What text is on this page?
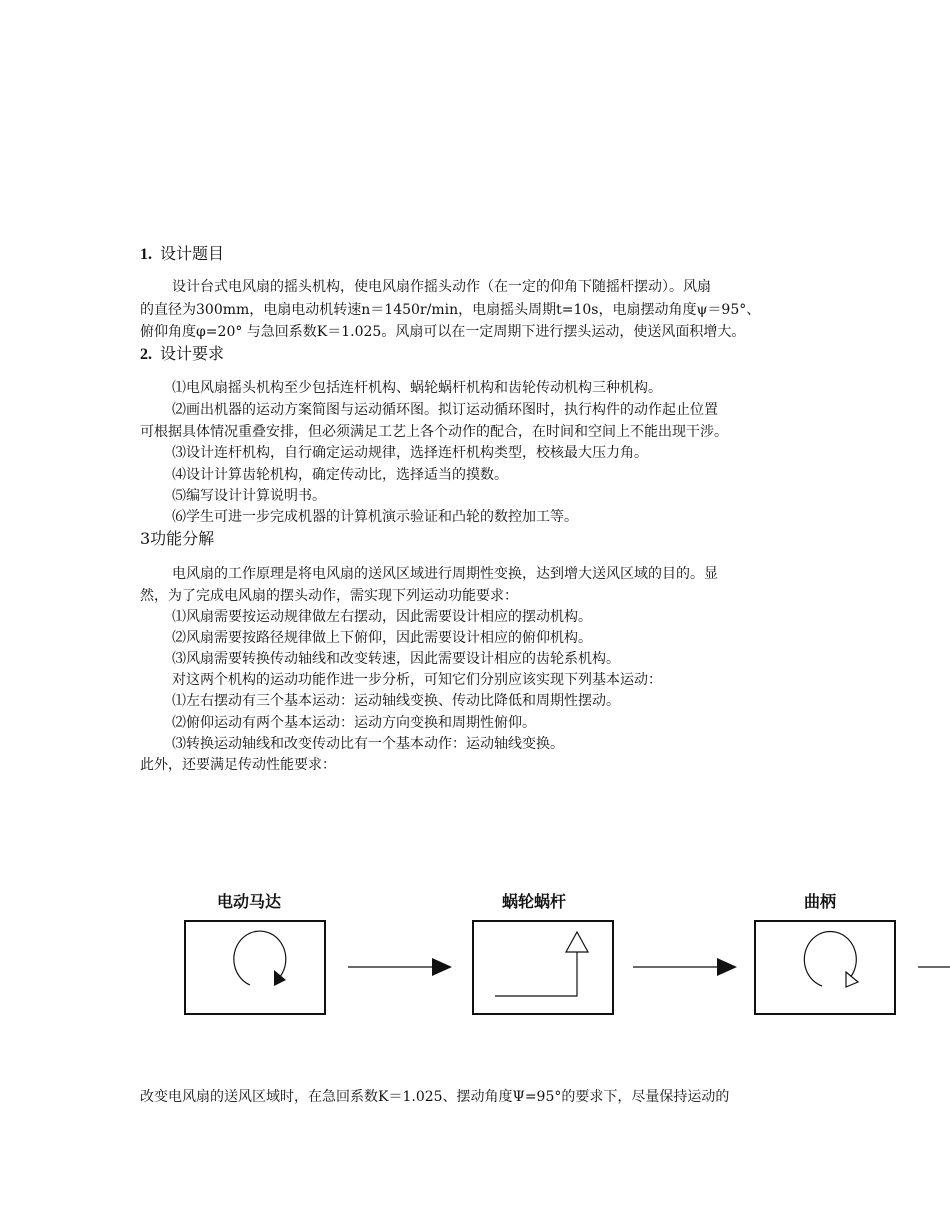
1. 设计题目
设计台式电风扇的摇头机构，使电风扇作摇头动作（在一定的仰角下随摇杆摆动）。风扇
的直径为300mm，电扇电动机转速n＝1450r/min，电扇摇头周期t=10s，电扇摆动角度ψ＝95°、
俯仰角度φ=20° 与急回系数K＝1.025。风扇可以在一定周期下进行摆头运动，使送风面积增大。
2. 设计要求
⑴电风扇摇头机构至少包括连杆机构、蜗轮蜗杆机构和齿轮传动机构三种机构。
⑵画出机器的运动方案简图与运动循环图。拟订运动循环图时，执行构件的动作起止位置
可根据具体情况重叠安排，但必须满足工艺上各个动作的配合，在时间和空间上不能出现干涉。
⑶设计连杆机构，自行确定运动规律，选择连杆机构类型，校核最大压力角。
⑷设计计算齿轮机构，确定传动比，选择适当的摸数。
⑸编写设计计算说明书。
⑹学生可进一步完成机器的计算机演示验证和凸轮的数控加工等。
3功能分解
电风扇的工作原理是将电风扇的送风区域进行周期性变换，达到增大送风区域的目的。显
然，为了完成电风扇的摆头动作，需实现下列运动功能要求：
⑴风扇需要按运动规律做左右摆动，因此需要设计相应的摆动机构。
⑵风扇需要按路径规律做上下俯仰，因此需要设计相应的俯仰机构。
⑶风扇需要转换传动轴线和改变转速，因此需要设计相应的齿轮系机构。
对这两个机构的运动功能作进一步分析，可知它们分别应该实现下列基本运动：
⑴左右摆动有三个基本运动：运动轴线变换、传动比降低和周期性摆动。
⑵俯仰运动有两个基本运动：运动方向变换和周期性俯仰。
⑶转换运动轴线和改变传动比有一个基本动作：运动轴线变换。
此外，还要满足传动性能要求：
电动马达	蜗轮蜗杆	曲柄
改变电风扇的送风区域时，在急回系数K＝1.025、摆动角度Ψ=95°的要求下，尽量保持运动的
